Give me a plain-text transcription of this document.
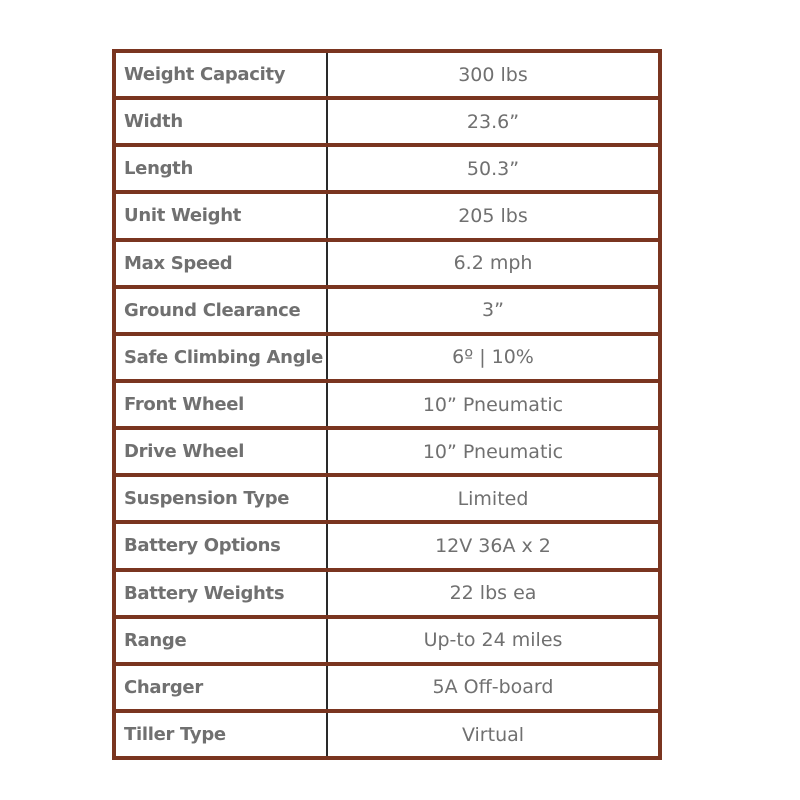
Weight Capacity	300 lbs
Width	23.6”
Length	50.3”
Unit Weight	205 lbs
Max Speed	6.2 mph
Ground Clearance	3”
Safe Climbing Angle	6º | 10%
Front Wheel	10” Pneumatic
Drive Wheel	10” Pneumatic
Suspension Type	Limited
Battery Options	12V 36A x 2
Battery Weights	22 lbs ea
Range	Up-to 24 miles
Charger	5A Off-board
Tiller Type	Virtual
